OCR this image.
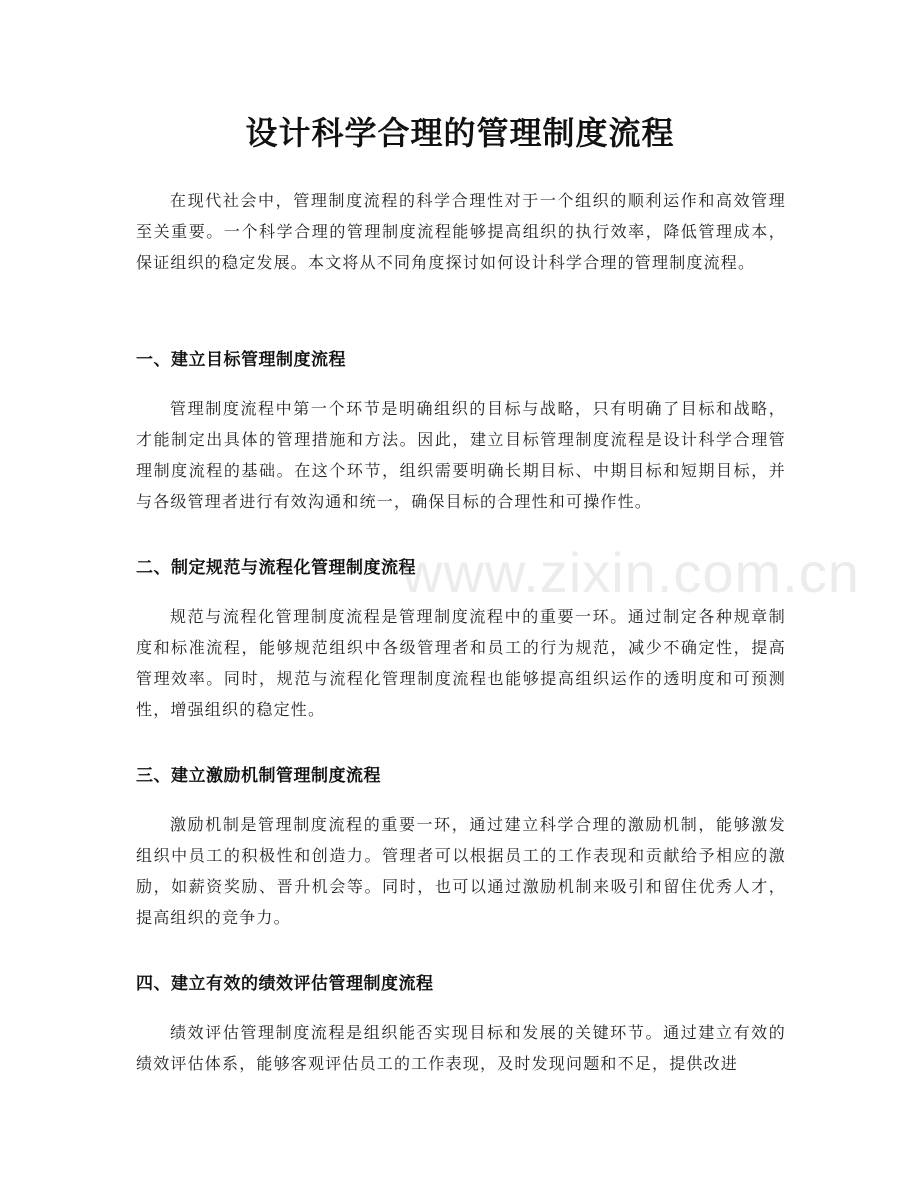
设计科学合理的管理制度流程

在现代社会中，管理制度流程的科学合理性对于一个组织的顺利运作和高效管理至关重要。一个科学合理的管理制度流程能够提高组织的执行效率，降低管理成本，保证组织的稳定发展。本文将从不同角度探讨如何设计科学合理的管理制度流程。

一、建立目标管理制度流程

管理制度流程中第一个环节是明确组织的目标与战略，只有明确了目标和战略，才能制定出具体的管理措施和方法。因此，建立目标管理制度流程是设计科学合理管理制度流程的基础。在这个环节，组织需要明确长期目标、中期目标和短期目标，并与各级管理者进行有效沟通和统一，确保目标的合理性和可操作性。

二、制定规范与流程化管理制度流程

规范与流程化管理制度流程是管理制度流程中的重要一环。通过制定各种规章制度和标准流程，能够规范组织中各级管理者和员工的行为规范，减少不确定性，提高管理效率。同时，规范与流程化管理制度流程也能够提高组织运作的透明度和可预测性，增强组织的稳定性。

三、建立激励机制管理制度流程

激励机制是管理制度流程的重要一环，通过建立科学合理的激励机制，能够激发组织中员工的积极性和创造力。管理者可以根据员工的工作表现和贡献给予相应的激励，如薪资奖励、晋升机会等。同时，也可以通过激励机制来吸引和留住优秀人才，提高组织的竞争力。

四、建立有效的绩效评估管理制度流程

绩效评估管理制度流程是组织能否实现目标和发展的关键环节。通过建立有效的绩效评估体系，能够客观评估员工的工作表现，及时发现问题和不足，提供改进

www.zixin.com.cn
